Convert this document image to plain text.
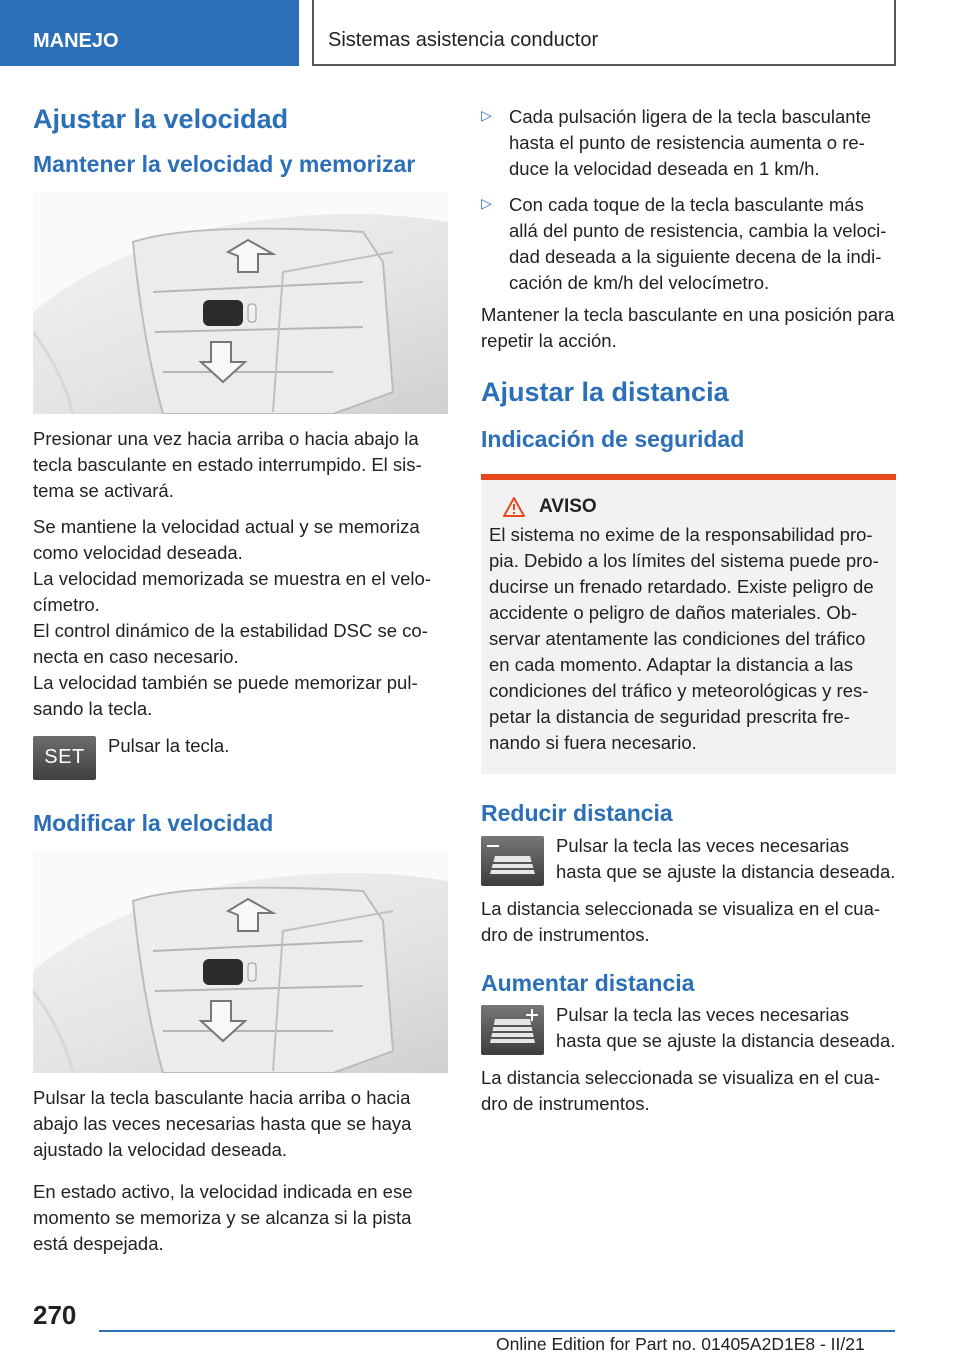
MANEJO	Sistemas asistencia conductor
Ajustar la velocidad
Mantener la velocidad y memorizar

Presionar una vez hacia arriba o hacia abajo la tecla basculante en estado interrumpido. El sistema se activará.

Se mantiene la velocidad actual y se memoriza como velocidad deseada.

La velocidad memorizada se muestra en el velocímetro.

El control dinámico de la estabilidad DSC se conecta en caso necesario.

La velocidad también se puede memorizar pulsando la tecla.

SET

Pulsar la tecla.

Modificar la velocidad

Pulsar la tecla basculante hacia arriba o hacia abajo las veces necesarias hasta que se haya ajustado la velocidad deseada.

En estado activo, la velocidad indicada en ese momento se memoriza y se alcanza si la pista está despejada.

▷ Cada pulsación ligera de la tecla basculante hasta el punto de resistencia aumenta o reduce la velocidad deseada en 1 km/h.

▷ Con cada toque de la tecla basculante más allá del punto de resistencia, cambia la velocidad deseada a la siguiente decena de la indicación de km/h del velocímetro.

Mantener la tecla basculante en una posición para repetir la acción.

Ajustar la distancia
Indicación de seguridad
AVISO

El sistema no exime de la responsabilidad propia. Debido a los límites del sistema puede producirse un frenado retardado. Existe peligro de accidente o peligro de daños materiales. Observar atentamente las condiciones del tráfico en cada momento. Adaptar la distancia a las condiciones del tráfico y meteorológicas y respetar la distancia de seguridad prescrita frenando si fuera necesario.

Reducir distancia

Pulsar la tecla las veces necesarias hasta que se ajuste la distancia deseada.

La distancia seleccionada se visualiza en el cuadro de instrumentos.

Aumentar distancia

Pulsar la tecla las veces necesarias hasta que se ajuste la distancia deseada.

La distancia seleccionada se visualiza en el cuadro de instrumentos.

270
Online Edition for Part no. 01405A2D1E8 - II/21
